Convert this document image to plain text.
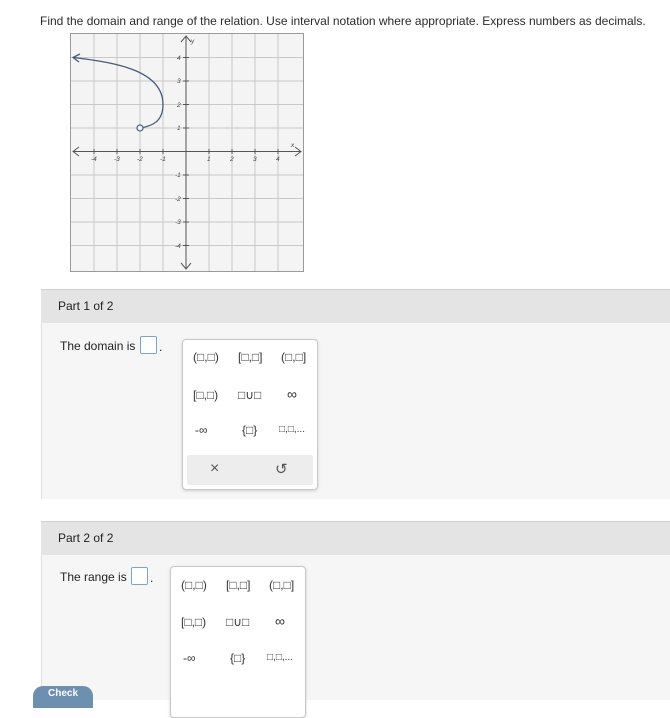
Find the domain and range of the relation. Use interval notation where appropriate. Express numbers as decimals.
-4	-3	-2	-1	1	2	3	4
4
3
2
1
-1
-2
-3
-4
x
y
Part 1 of 2
The domain is .
(□,□) [□,□] (□,□]
[□,□) □∪□ ∞
-∞	{□} □,□,...
×	↺
Part 2 of 2
The range is . (□,□) [□,□] (□,□]
[□,□) □∪□ ∞
-∞	{□} □,□,...
Check
